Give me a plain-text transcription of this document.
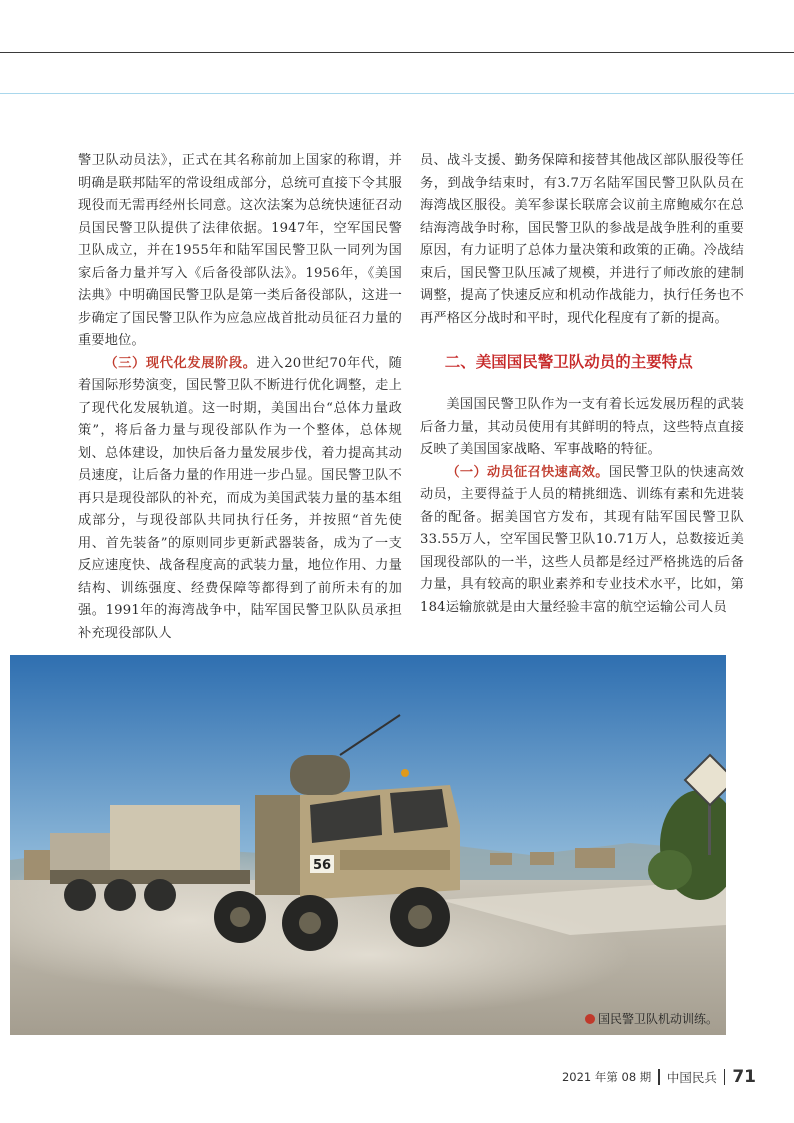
警卫队动员法》，正式在其名称前加上国家的称谓，并明确是联邦陆军的常设组成部分，总统可直接下令其服现役而无需再经州长同意。这次法案为总统快速征召动员国民警卫队提供了法律依据。1947年，空军国民警卫队成立，并在1955年和陆军国民警卫队一同列为国家后备力量并写入《后备役部队法》。1956年，《美国法典》中明确国民警卫队是第一类后备役部队，这进一步确定了国民警卫队作为应急应战首批动员征召力量的重要地位。

（三）现代化发展阶段。进入20世纪70年代，随着国际形势演变，国民警卫队不断进行优化调整，走上了现代化发展轨道。这一时期，美国出台“总体力量政策”，将后备力量与现役部队作为一个整体，总体规划、总体建设，加快后备力量发展步伐，着力提高其动员速度，让后备力量的作用进一步凸显。国民警卫队不再只是现役部队的补充，而成为美国武装力量的基本组成部分，与现役部队共同执行任务，并按照“首先使用、首先装备”的原则同步更新武器装备，成为了一支反应速度快、战备程度高的武装力量，地位作用、力量结构、训练强度、经费保障等都得到了前所未有的加强。1991年的海湾战争中，陆军国民警卫队队员承担补充现役部队人

员、战斗支援、勤务保障和接替其他战区部队服役等任务，到战争结束时，有3.7万名陆军国民警卫队队员在海湾战区服役。美军参谋长联席会议前主席鲍威尔在总结海湾战争时称，国民警卫队的参战是战争胜利的重要原因，有力证明了总体力量决策和政策的正确。冷战结束后，国民警卫队压减了规模，并进行了师改旅的建制调整，提高了快速反应和机动作战能力，执行任务也不再严格区分战时和平时，现代化程度有了新的提高。

二、美国国民警卫队动员的主要特点

美国国民警卫队作为一支有着长远发展历程的武装后备力量，其动员使用有其鲜明的特点，这些特点直接反映了美国国家战略、军事战略的特征。

（一）动员征召快速高效。国民警卫队的快速高效动员，主要得益于人员的精挑细选、训练有素和先进装备的配备。据美国官方发布，其现有陆军国民警卫队33.55万人，空军国民警卫队10.71万人，总数接近美国现役部队的一半，这些人员都是经过严格挑选的后备力量，具有较高的职业素养和专业技术水平，比如，第184运输旅就是由大量经验丰富的航空运输公司人员

56
国民警卫队机动训练。
2021 年第 08 期 中国民兵 71
